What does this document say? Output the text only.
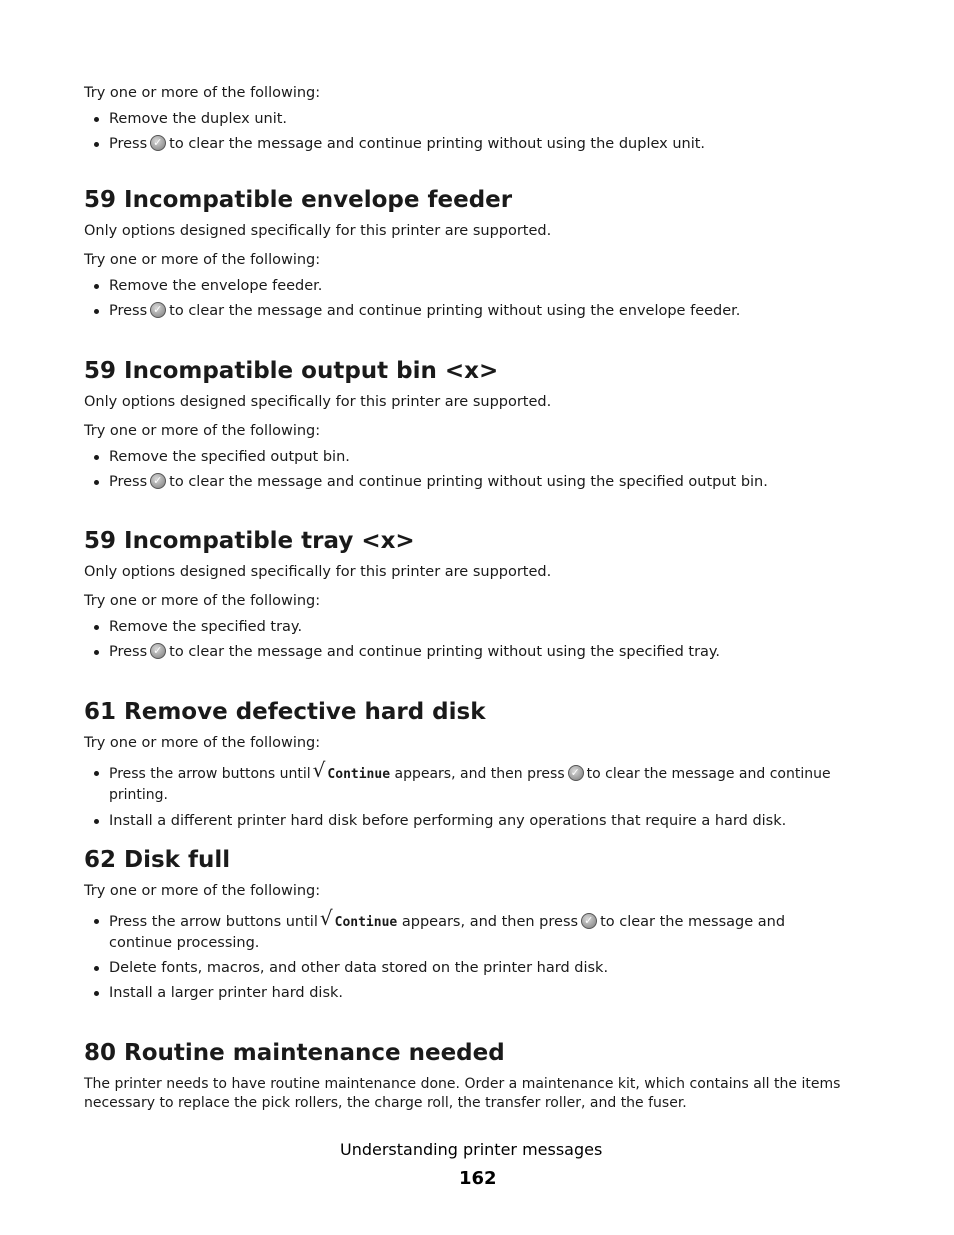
Try one or more of the following:

Remove the duplex unit.
Press ✓ to clear the message and continue printing without using the duplex unit.
59 Incompatible envelope feeder

Only options designed specifically for this printer are supported.

Try one or more of the following:

Remove the envelope feeder.
Press ✓ to clear the message and continue printing without using the envelope feeder.
59 Incompatible output bin <x>

Only options designed specifically for this printer are supported.

Try one or more of the following:

Remove the specified output bin.
Press ✓ to clear the message and continue printing without using the specified output bin.
59 Incompatible tray <x>

Only options designed specifically for this printer are supported.

Try one or more of the following:

Remove the specified tray.
Press ✓ to clear the message and continue printing without using the specified tray.
61 Remove defective hard disk

Try one or more of the following:

Press the arrow buttons until √ Continue appears, and then press ✓ to clear the message and continue printing.
Install a different printer hard disk before performing any operations that require a hard disk.
62 Disk full

Try one or more of the following:

Press the arrow buttons until √ Continue appears, and then press ✓ to clear the message and continue processing.
Delete fonts, macros, and other data stored on the printer hard disk.
Install a larger printer hard disk.
80 Routine maintenance needed

The printer needs to have routine maintenance done. Order a maintenance kit, which contains all the items necessary to replace the pick rollers, the charge roll, the transfer roller, and the fuser.

Understanding printer messages
162
